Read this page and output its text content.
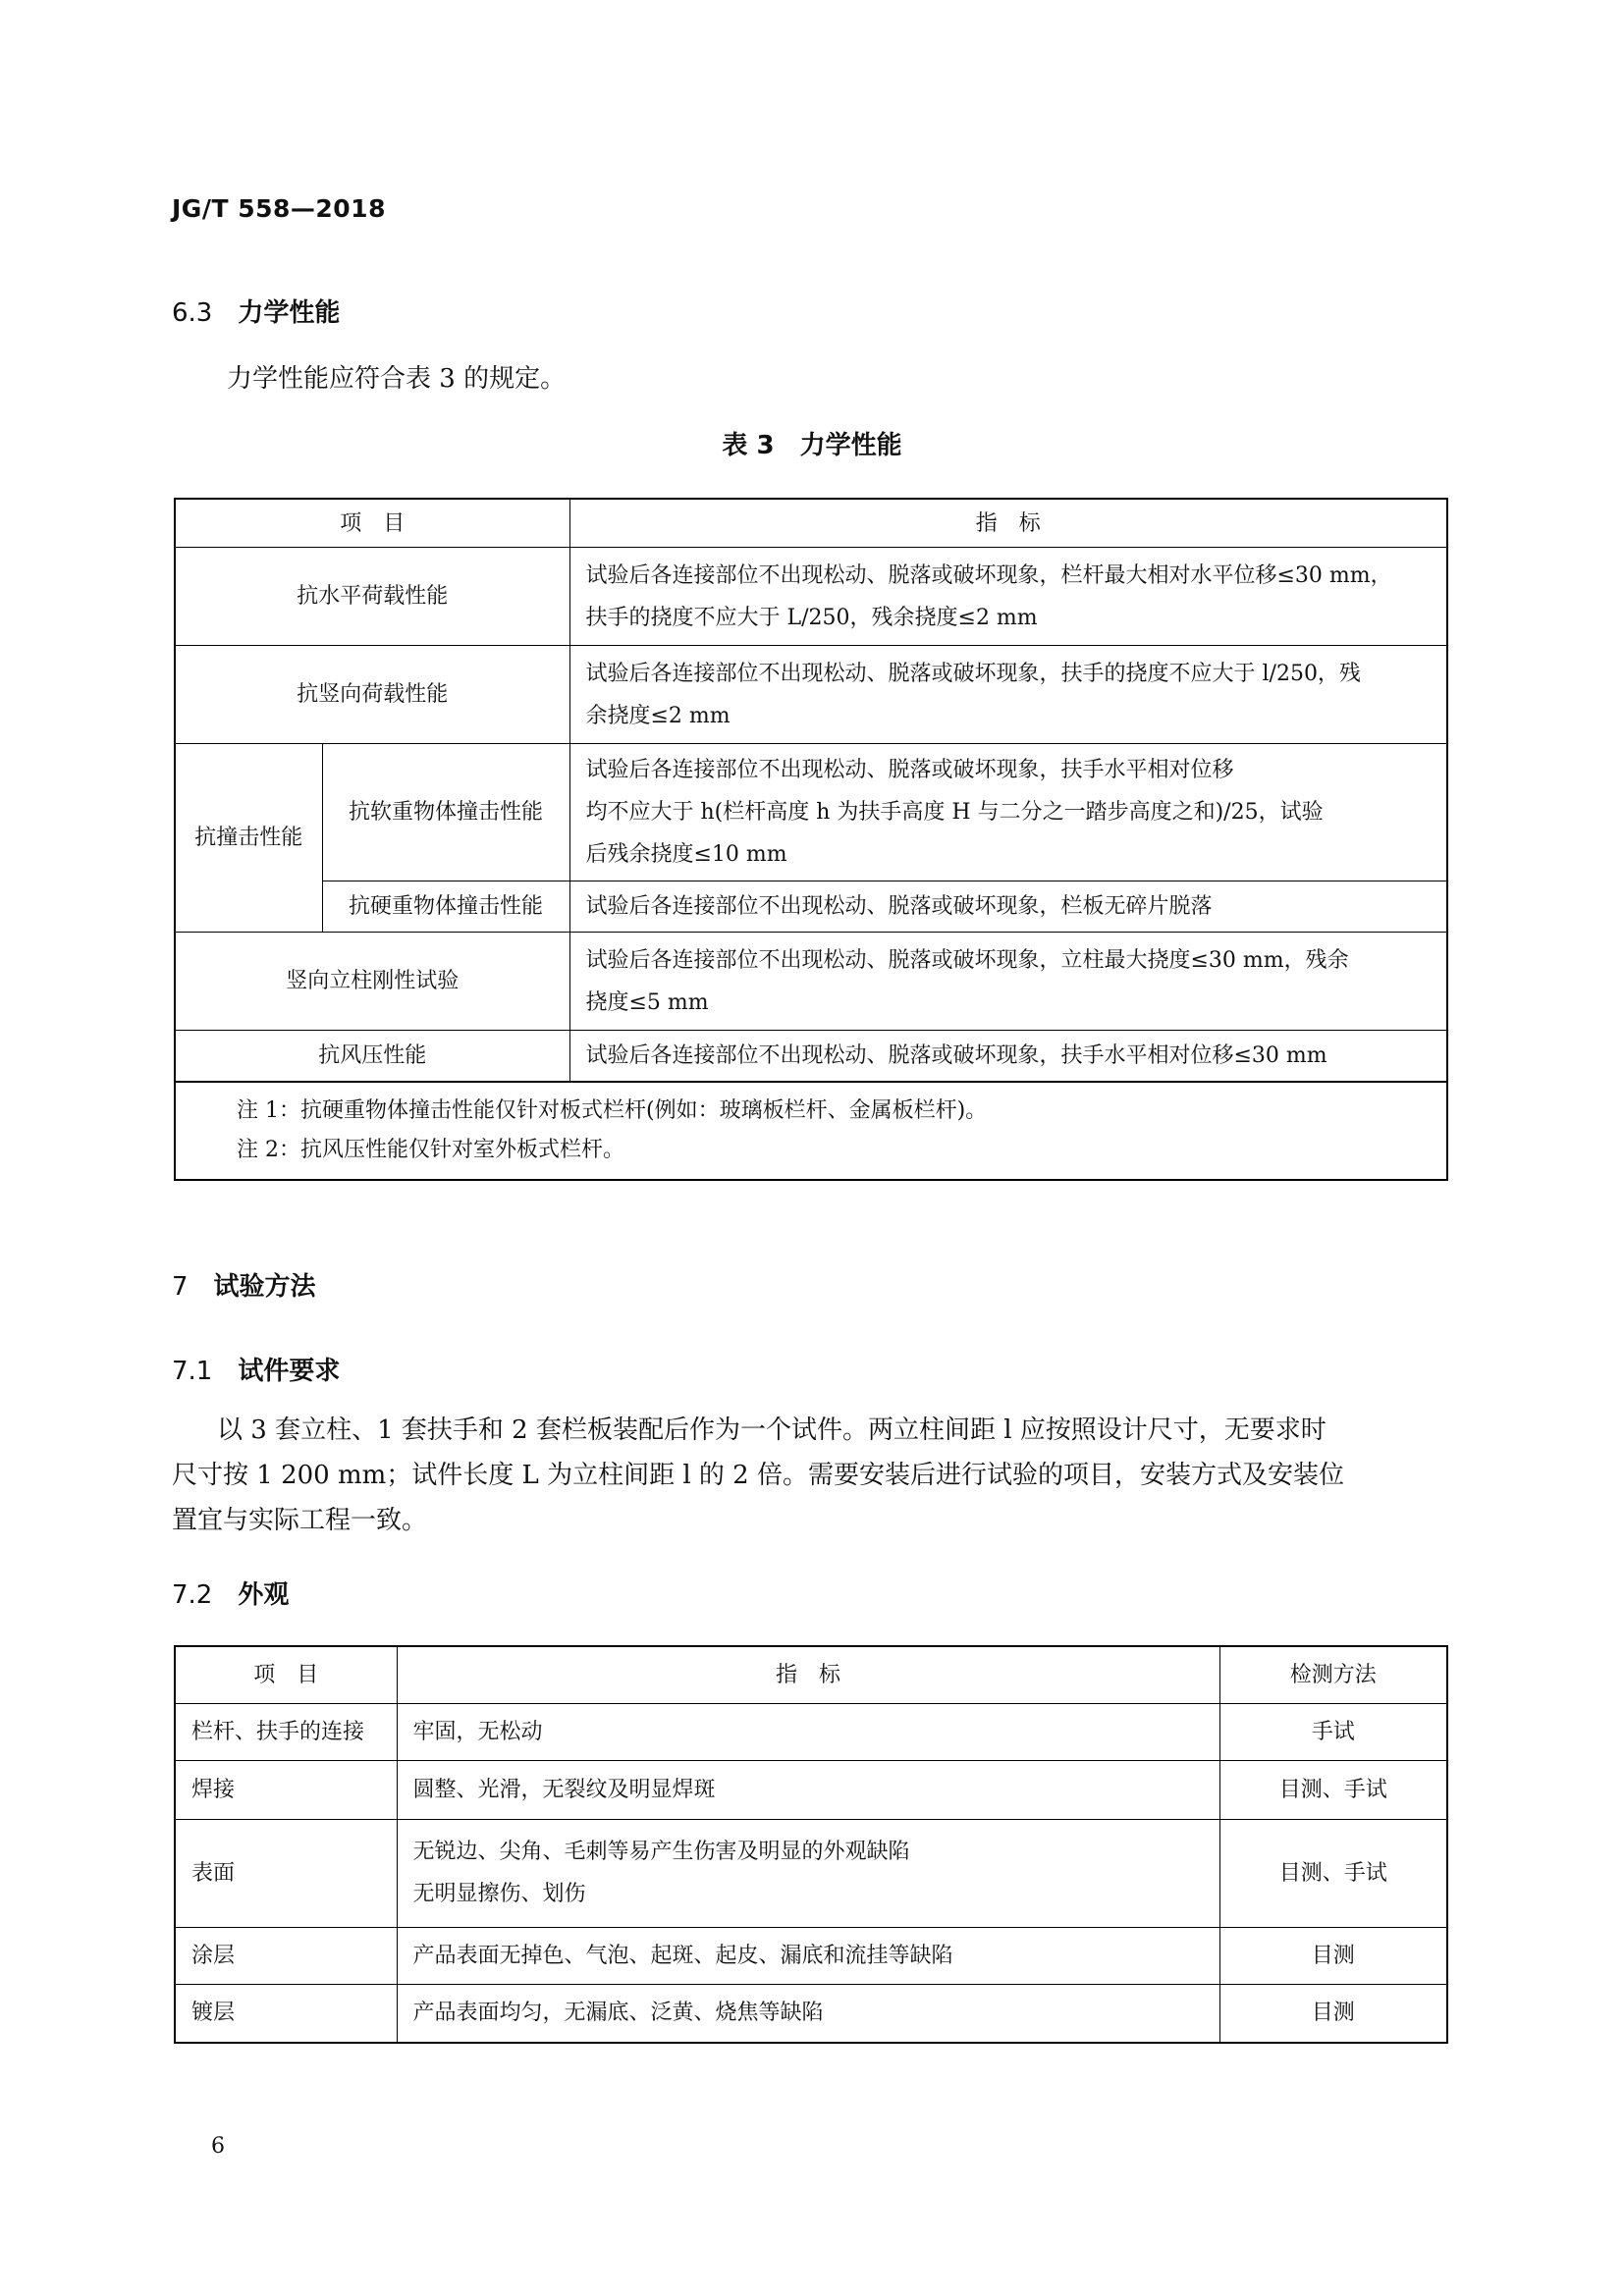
JG/T 558—2018
6.3 力学性能
力学性能应符合表 3 的规定。
表 3 力学性能
项　目		指　标
抗水平荷载性能		试验后各连接部位不出现松动、脱落或破坏现象，栏杆最大相对水平位移≤30 mm，
扶手的挠度不应大于 L/250，残余挠度≤2 mm

抗竖向荷载性能		试验后各连接部位不出现松动、脱落或破坏现象，扶手的挠度不应大于 l/250，残
余挠度≤2 mm

抗撞击性能	抗软重物体撞击性能	试验后各连接部位不出现松动、脱落或破坏现象，扶手水平相对位移
均不应大于 h(栏杆高度 h 为扶手高度 H 与二分之一踏步高度之和)/25，试验
后残余挠度≤10 mm

	抗硬重物体撞击性能	试验后各连接部位不出现松动、脱落或破坏现象，栏板无碎片脱落

竖向立柱刚性试验		试验后各连接部位不出现松动、脱落或破坏现象，立柱最大挠度≤30 mm，残余
挠度≤5 mm

抗风压性能		试验后各连接部位不出现松动、脱落或破坏现象，扶手水平相对位移≤30 mm

注 1：抗硬重物体撞击性能仅针对板式栏杆(例如：玻璃板栏杆、金属板栏杆)。
注 2：抗风压性能仅针对室外板式栏杆。		
7 试验方法
7.1 试件要求
以 3 套立柱、1 套扶手和 2 套栏板装配后作为一个试件。两立柱间距 l 应按照设计尺寸，无要求时
尺寸按 1 200 mm；试件长度 L 为立柱间距 l 的 2 倍。需要安装后进行试验的项目，安装方式及安装位
置宜与实际工程一致。
7.2 外观
项　目	指　标	检测方法
栏杆、扶手的连接	牢固，无松动	手试
焊接	圆整、光滑，无裂纹及明显焊斑	目测、手试
表面	无锐边、尖角、毛刺等易产生伤害及明显的外观缺陷
无明显擦伤、划伤	目测、手试
涂层	产品表面无掉色、气泡、起斑、起皮、漏底和流挂等缺陷	目测
镀层	产品表面均匀，无漏底、泛黄、烧焦等缺陷	目测
6
